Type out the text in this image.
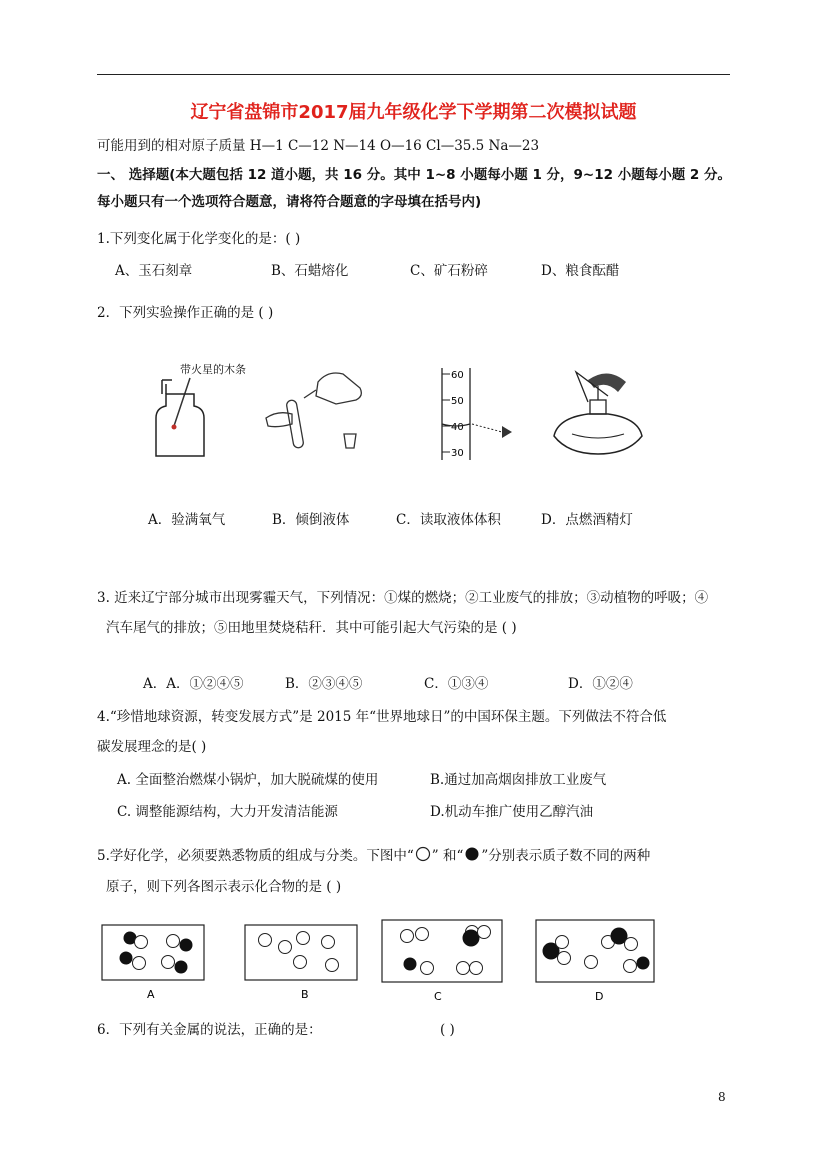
辽宁省盘锦市2017届九年级化学下学期第二次模拟试题
可能用到的相对原子质量 H—1 C—12 N—14 O—16 Cl—35.5 Na—23
一、 选择题(本大题包括 12 道小题，共 16 分。其中 1~8 小题每小题 1 分，9~12 小题每小题 2 分。
每小题只有一个选项符合题意，请将符合题意的字母填在括号内)
1.下列变化属于化学变化的是：( )
A、玉石刻章	B、石蜡熔化	C、矿石粉碎	D、粮食酝醋
2．下列实验操作正确的是 ( )
带火星的木条	60
50
40
30
A．验满氧气	B．倾倒液体	C．读取液体体积	D．点燃酒精灯
3. 近来辽宁部分城市出现雾霾天气，下列情况：①煤的燃烧；②工业废气的排放；③动植物的呼吸；④
汽车尾气的排放；⑤田地里焚烧秸秆．其中可能引起大气污染的是 ( )
A．A．①②④⑤	B．②③④⑤	C．①③④	D．①②④
4.“珍惜地球资源，转变发展方式”是 2015 年“世界地球日”的中国环保主题。下列做法不符合低
碳发展理念的是( )
A. 全面整治燃煤小锅炉，加大脱硫煤的使用	B.通过加高烟囱排放工业废气
C. 调整能源结构，大力开发清洁能源	D.机动车推广使用乙醇汽油
5.学好化学，必须要熟悉物质的组成与分类。下图中“ ” 和“ ”分别表示质子数不同的两种
原子，则下列各图示表示化合物的是 ( )
A	B	C	D
6．下列有关金属的说法，正确的是：	( )
8
